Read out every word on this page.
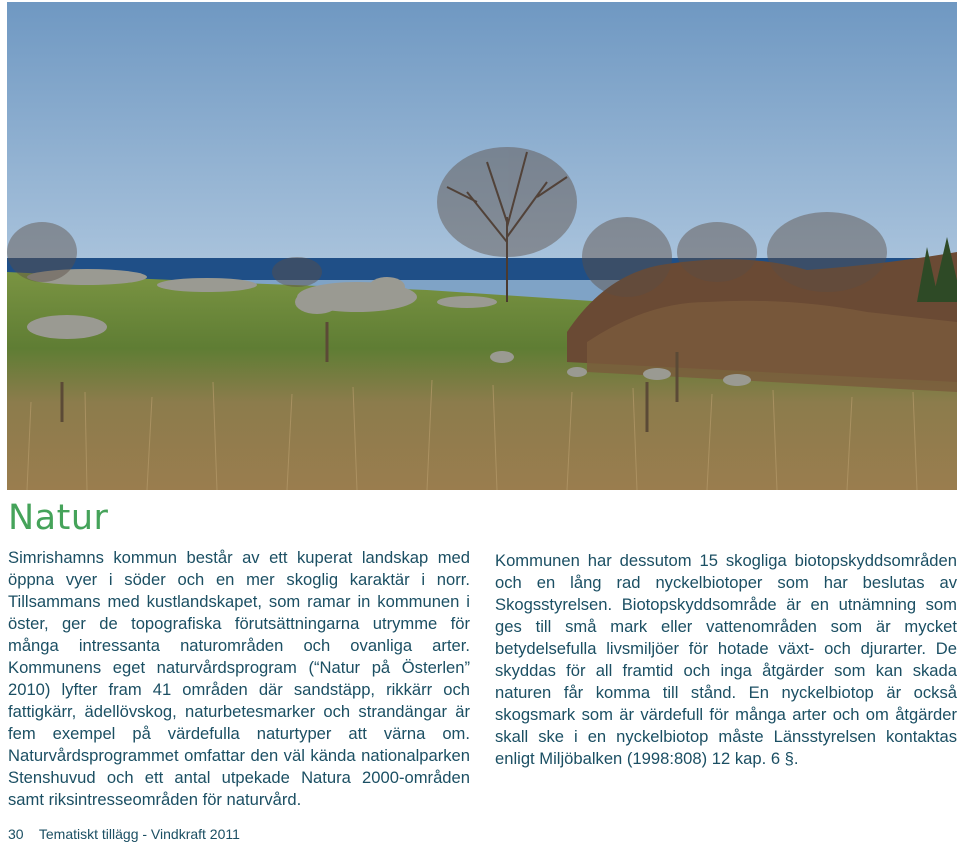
Natur

Simrishamns kommun består av ett kuperat landskap med öppna vyer i söder och en mer skoglig karaktär i norr. Tillsammans med kustlandskapet, som ramar in kommunen i öster, ger de topografiska förutsättningarna utrymme för många intressanta naturområden och ovanliga arter. Kommunens eget naturvårdsprogram (“Natur på Österlen” 2010) lyfter fram 41 områden där sandstäpp, rikkärr och fattigkärr, ädellövskog, naturbetesmarker och strandängar är fem exempel på värdefulla naturtyper att värna om. Naturvårdsprogrammet omfattar den väl kända nationalparken Stenshuvud och ett antal utpekade Natura 2000-områden samt riksintresseområden för naturvård.

Kommunen har dessutom 15 skogliga biotopskyddsområden och en lång rad nyckelbiotoper som har beslutas av Skogsstyrelsen. Biotopskyddsområde är en utnämning som ges till små mark eller vattenområden som är mycket betydelsefulla livsmiljöer för hotade växt- och djurarter. De skyddas för all framtid och inga åtgärder som kan skada naturen får komma till stånd. En nyckelbiotop är också skogsmark som är värdefull för många arter och om åtgärder skall ske i en nyckelbiotop måste Länsstyrelsen kontaktas enligt Miljöbalken (1998:808) 12 kap. 6 §.

30 Tematiskt tillägg - Vindkraft 2011
